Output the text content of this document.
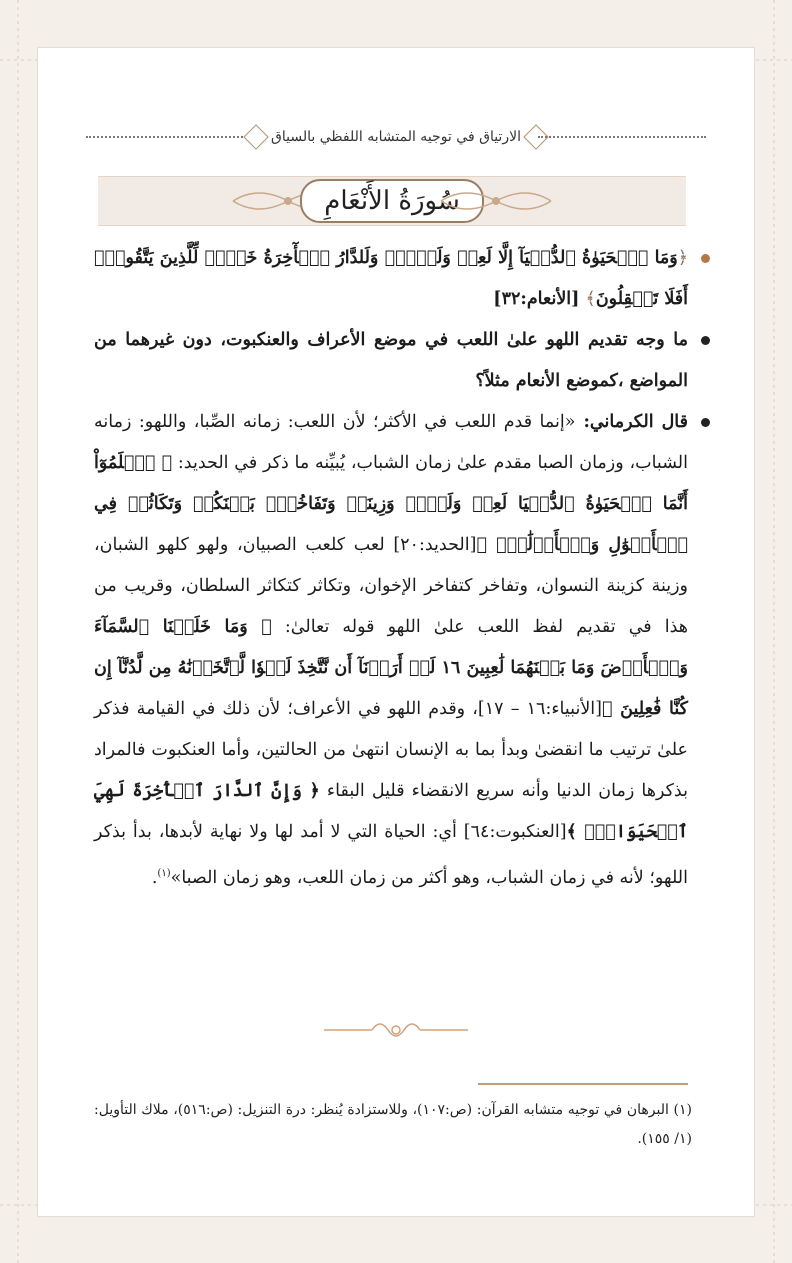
الارتياق في توجيه المتشابه اللفظي بالسياق
سُورَةُ الأَنْعَامِ

﴿وَمَا ٱلۡحَيَوٰةُ ٱلدُّنۡيَآ إِلَّا لَعِبٞ وَلَهۡوٞۖ وَلَلدَّارُ ٱلۡأٓخِرَةُ خَيۡرٞ لِّلَّذِينَ يَتَّقُونَۚ أَفَلَا تَعۡقِلُونَ﴾ [الأنعام:٣٢]

ما وجه تقديم اللهو علىٰ اللعب في موضع الأعراف والعنكبوت، دون غيرهما من المواضع ،كموضع الأنعام مثلاً؟

قال الكرماني: «إنما قدم اللعب في الأكثر؛ لأن اللعب: زمانه الصِّبا، واللهو: زمانه الشباب، وزمان الصبا مقدم علىٰ زمان الشباب، يُبيِّنه ما ذكر في الحديد: ﴿ ٱعۡلَمُوٓاْ أَنَّمَا ٱلۡحَيَوٰةُ ٱلدُّنۡيَا لَعِبٞ وَلَهۡوٞ وَزِينَةٞ وَتَفَاخُرُۢ بَيۡنَكُمۡ وَتَكَاثُرٞ فِي ٱلۡأَمۡوَٰلِ وَٱلۡأَوۡلَٰدِۖ ﴾[الحديد:٢٠] لعب كلعب الصبيان، ولهو كلهو الشبان، وزينة كزينة النسوان، وتفاخر كتفاخر الإخوان، وتكاثر كتكاثر السلطان، وقريب من هذا في تقديم لفظ اللعب علىٰ اللهو قوله تعالىٰ: ﴿ وَمَا خَلَقۡنَا ٱلسَّمَآءَ وَٱلۡأَرۡضَ وَمَا بَيۡنَهُمَا لَٰعِبِينَ ١٦ لَوۡ أَرَدۡنَآ أَن نَّتَّخِذَ لَهۡوٗا لَّٱتَّخَذۡنَٰهُ مِن لَّدُنَّآ إِن كُنَّا فَٰعِلِينَ ﴾[الأنبياء:١٦ – ١٧]، وقدم اللهو في الأعراف؛ لأن ذلك في القيامة فذكر علىٰ ترتيب ما انقضىٰ وبدأ بما به الإنسان انتهىٰ من الحالتين، وأما العنكبوت فالمراد بذكرها زمان الدنيا وأنه سريع الانقضاء قليل البقاء ﴿ وَإِنَّ ٱلدَّارَ ٱلۡأٓخِرَةَ لَهِيَ ٱلۡحَيَوَانُۚ ﴾[العنكبوت:٦٤] أي: الحياة التي لا أمد لها ولا نهاية لأبدها، بدأ بذكر اللهو؛ لأنه في زمان الشباب، وهو أكثر من زمان اللعب، وهو زمان الصبا»$^{(١)}$.

(١) البرهان في توجيه متشابه القرآن: (ص:١٠٧)، وللاستزادة يُنظر: درة التنزيل: (ص:٥١٦)، ملاك التأويل: (١/ ١٥٥).
